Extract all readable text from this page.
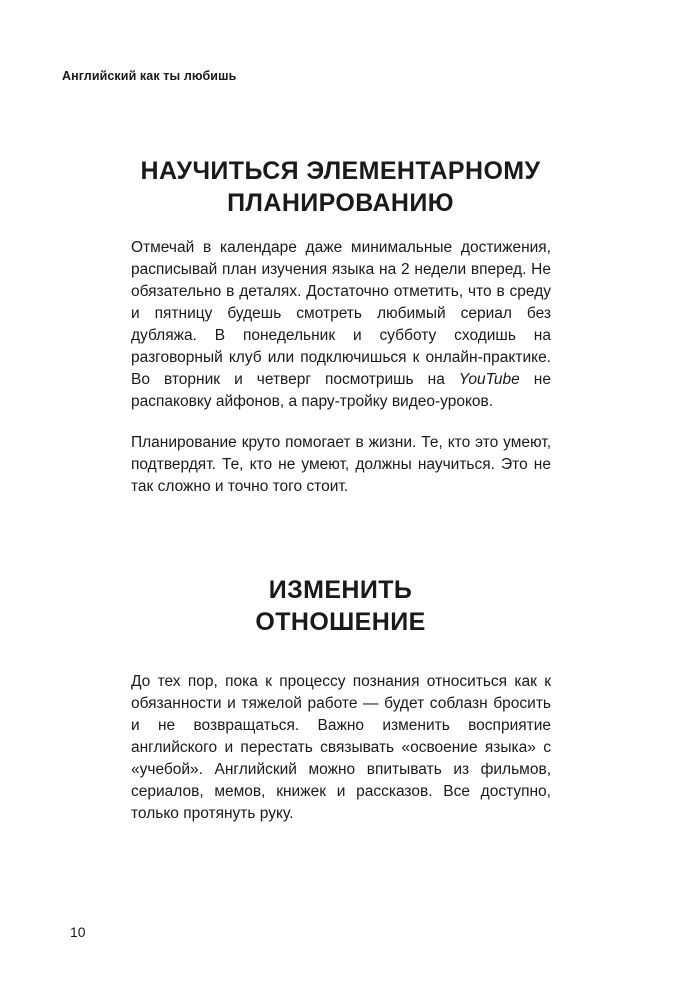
Английский как ты любишь
НАУЧИТЬСЯ ЭЛЕМЕНТАРНОМУ
ПЛАНИРОВАНИЮ

Отмечай в календаре даже минимальные достижения, расписывай план изучения языка на 2 недели вперед. Не обязательно в деталях. Достаточно отметить, что в среду и пятницу будешь смотреть любимый сериал без дубляжа. В понедельник и субботу сходишь на разговорный клуб или подключишься к онлайн-практике. Во вторник и четверг посмотришь на YouTube не распаковку айфонов, а пару-тройку видео-уроков.

Планирование круто помогает в жизни. Те, кто это умеют, подтвердят. Те, кто не умеют, должны научиться. Это не так сложно и точно того стоит.

ИЗМЕНИТЬ
ОТНОШЕНИЕ

До тех пор, пока к процессу познания относиться как к обязанности и тяжелой работе — будет соблазн бросить и не возвращаться. Важно изменить восприятие английского и перестать связывать «освоение языка» с «учебой». Английский можно впитывать из фильмов, сериалов, мемов, книжек и рассказов. Все доступно, только протянуть руку.

10
